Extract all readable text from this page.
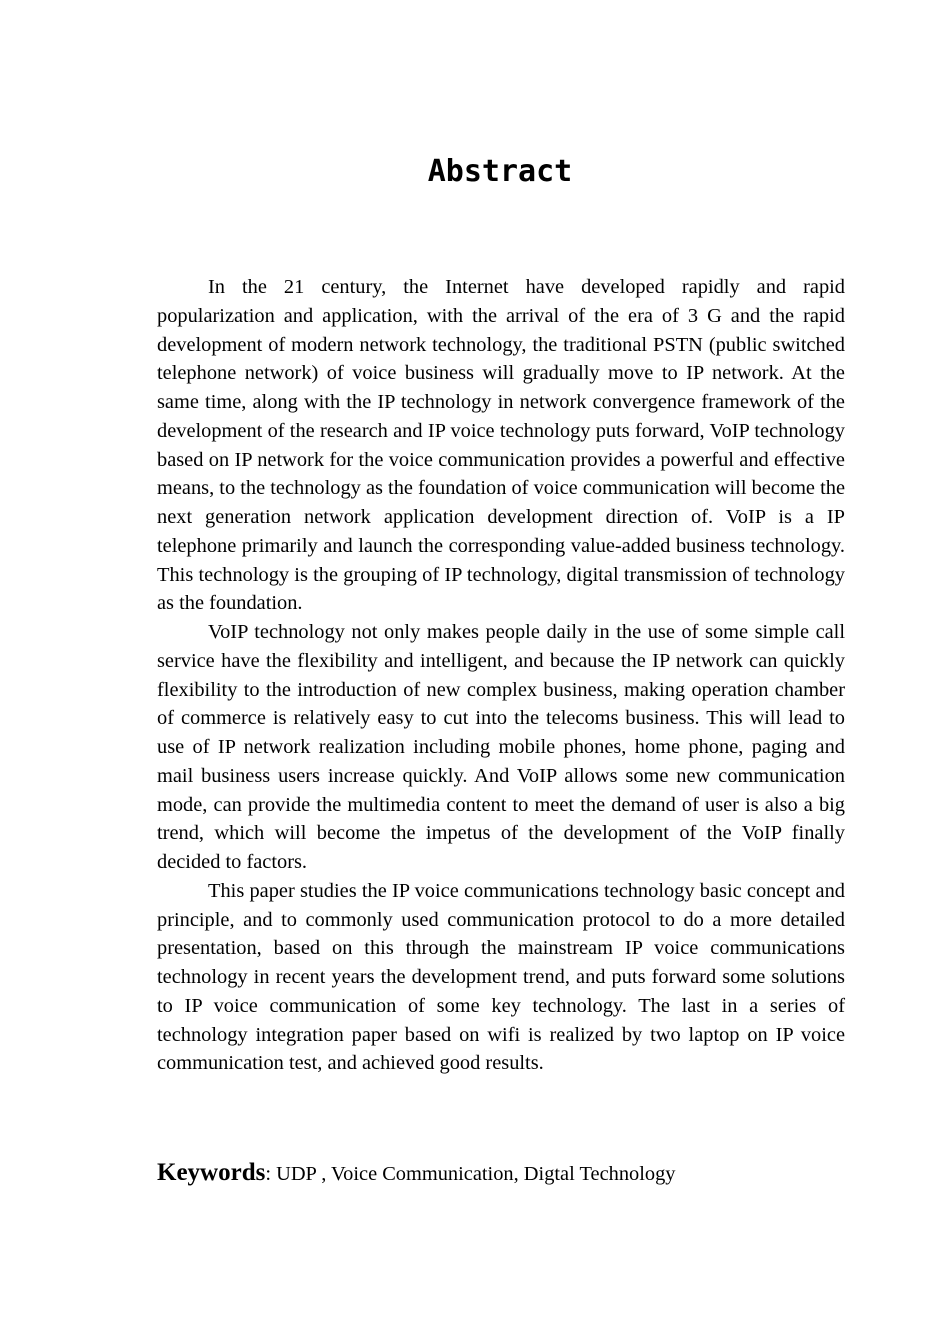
Abstract

In the 21 century, the Internet have developed rapidly and rapid popularization and application, with the arrival of the era of 3 G and the rapid development of modern network technology, the traditional PSTN (public switched telephone network) of voice business will gradually move to IP network. At the same time, along with the IP technology in network convergence framework of the development of the research and IP voice technology puts forward, VoIP technology based on IP network for the voice communication provides a powerful and effective means, to the technology as the foundation of voice communication will become the next generation network application development direction of. VoIP is a IP telephone primarily and launch the corresponding value-added business technology. This technology is the grouping of IP technology, digital transmission of technology as the foundation.

VoIP technology not only makes people daily in the use of some simple call service have the flexibility and intelligent, and because the IP network can quickly flexibility to the introduction of new complex business, making operation chamber of commerce is relatively easy to cut into the telecoms business. This will lead to use of IP network realization including mobile phones, home phone, paging and mail business users increase quickly. And VoIP allows some new communication mode, can provide the multimedia content to meet the demand of user is also a big trend, which will become the impetus of the development of the VoIP finally decided to factors.

This paper studies the IP voice communications technology basic concept and principle, and to commonly used communication protocol to do a more detailed presentation, based on this through the mainstream IP voice communications technology in recent years the development trend, and puts forward some solutions to IP voice communication of some key technology. The last in a series of technology integration paper based on wifi is realized by two laptop on IP voice communication test, and achieved good results.

Keywords: UDP , Voice Communication, Digtal Technology
